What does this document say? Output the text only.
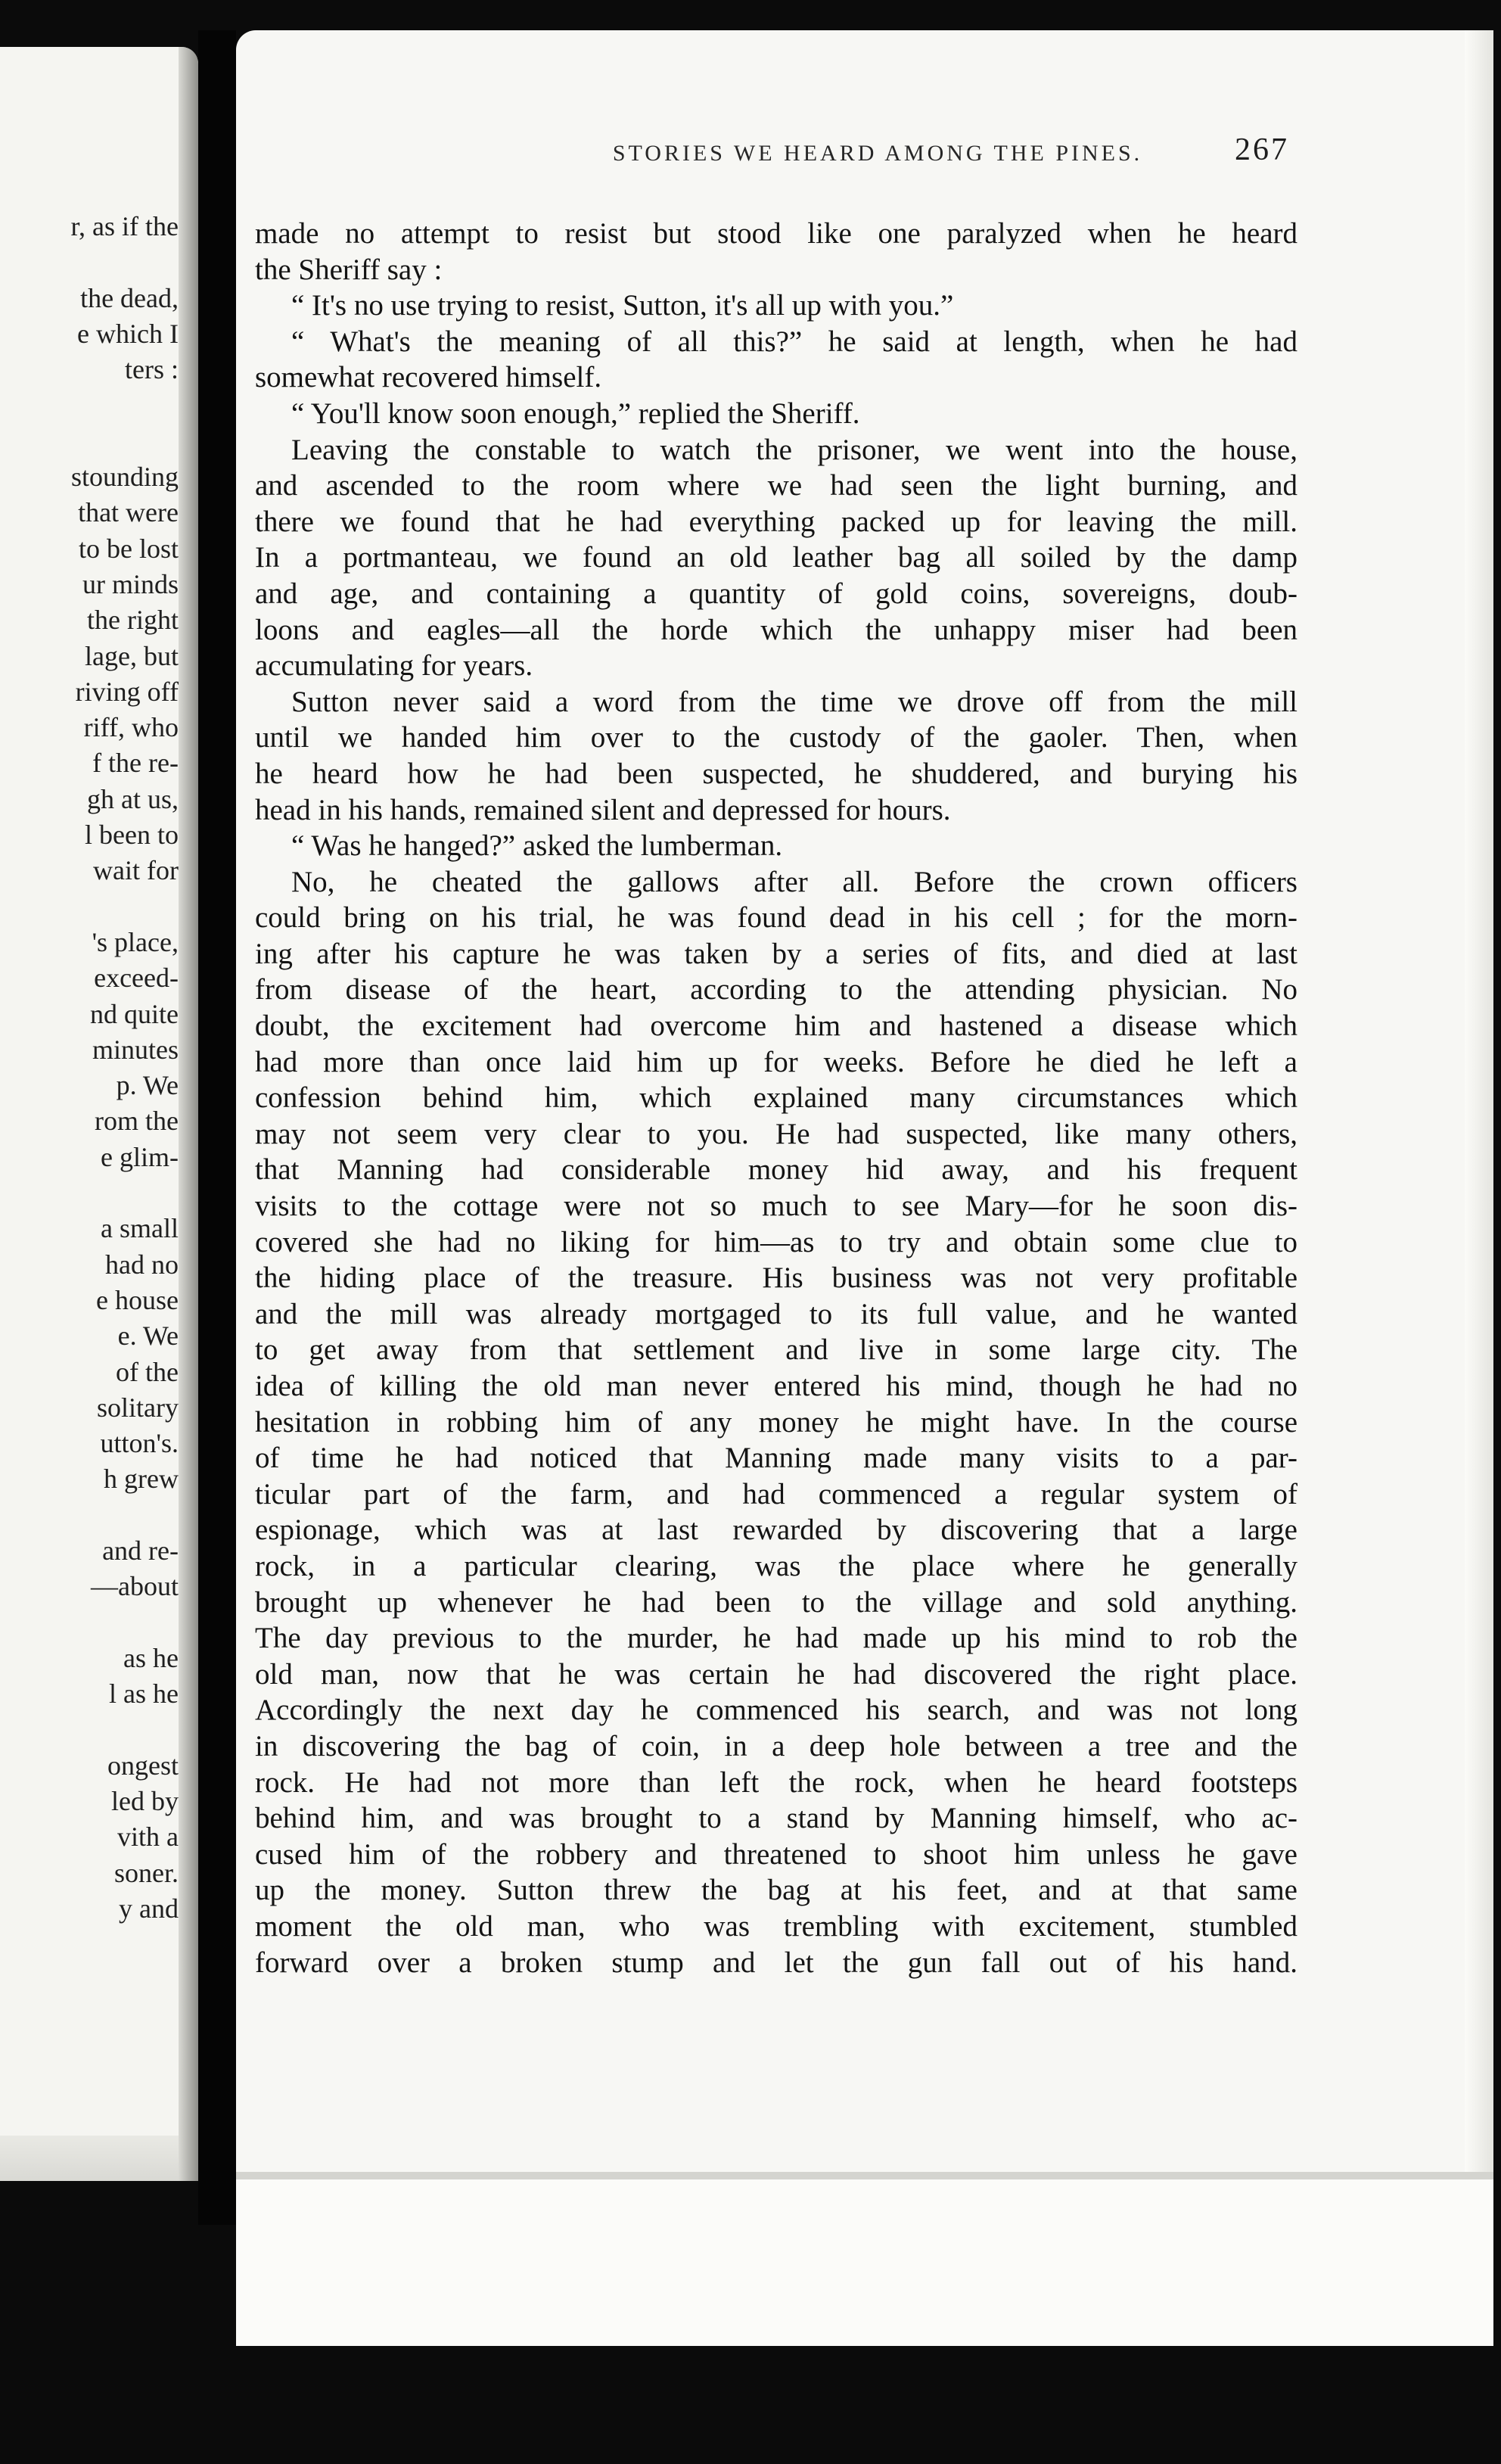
r, as if the
the dead,
e which I
ters :
stounding
that were
to be lost
ur minds
the right
lage, but
riving off
riff, who
f the re-
gh at us,
l been to
wait for
's place,
exceed-
nd quite
minutes
p. We
rom the
e glim-
a small
had no
e house
e. We
of the
solitary
utton's.
h grew
and re-
—about
as he
l as he
ongest
led by
vith a
soner.
y and
STORIES WE HEARD AMONG THE PINES.	267
made no attempt to resist but stood like one paralyzed when he heard
the Sheriff say :
“ It's no use trying to resist, Sutton, it's all up with you.”
“ What's the meaning of all this?” he said at length, when he had
somewhat recovered himself.
“ You'll know soon enough,” replied the Sheriff.
Leaving the constable to watch the prisoner, we went into the house,
and ascended to the room where we had seen the light burning, and
there we found that he had everything packed up for leaving the mill.
In a portmanteau, we found an old leather bag all soiled by the damp
and age, and containing a quantity of gold coins, sovereigns, doub-
loons and eagles—all the horde which the unhappy miser had been
accumulating for years.
Sutton never said a word from the time we drove off from the mill
until we handed him over to the custody of the gaoler. Then, when
he heard how he had been suspected, he shuddered, and burying his
head in his hands, remained silent and depressed for hours.
“ Was he hanged?” asked the lumberman.
No, he cheated the gallows after all. Before the crown officers
could bring on his trial, he was found dead in his cell ; for the morn-
ing after his capture he was taken by a series of fits, and died at last
from disease of the heart, according to the attending physician. No
doubt, the excitement had overcome him and hastened a disease which
had more than once laid him up for weeks. Before he died he left a
confession behind him, which explained many circumstances which
may not seem very clear to you. He had suspected, like many others,
that Manning had considerable money hid away, and his frequent
visits to the cottage were not so much to see Mary—for he soon dis-
covered she had no liking for him—as to try and obtain some clue to
the hiding place of the treasure. His business was not very profitable
and the mill was already mortgaged to its full value, and he wanted
to get away from that settlement and live in some large city. The
idea of killing the old man never entered his mind, though he had no
hesitation in robbing him of any money he might have. In the course
of time he had noticed that Manning made many visits to a par-
ticular part of the farm, and had commenced a regular system of
espionage, which was at last rewarded by discovering that a large
rock, in a particular clearing, was the place where he generally
brought up whenever he had been to the village and sold anything.
The day previous to the murder, he had made up his mind to rob the
old man, now that he was certain he had discovered the right place.
Accordingly the next day he commenced his search, and was not long
in discovering the bag of coin, in a deep hole between a tree and the
rock. He had not more than left the rock, when he heard footsteps
behind him, and was brought to a stand by Manning himself, who ac-
cused him of the robbery and threatened to shoot him unless he gave
up the money. Sutton threw the bag at his feet, and at that same
moment the old man, who was trembling with excitement, stumbled
forward over a broken stump and let the gun fall out of his hand.
